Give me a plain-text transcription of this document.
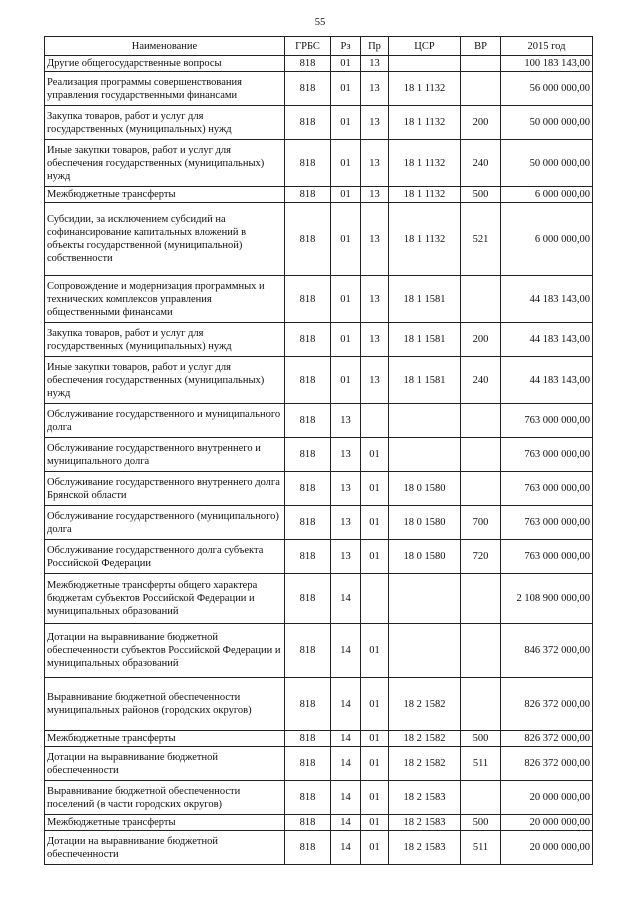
55
Наименование	ГРБС	Рз	Пр	ЦСР	ВР	2015 год
Другие общегосударственные вопросы	818	01	13			100 183 143,00
Реализация программы совершенствования управления государственными финансами	818	01	13	18 1 1132		56 000 000,00
Закупка товаров, работ и услуг для государственных (муниципальных) нужд	818	01	13	18 1 1132	200	50 000 000,00
Иные закупки товаров, работ и услуг для обеспечения государственных (муниципальных) нужд	818	01	13	18 1 1132	240	50 000 000,00
Межбюджетные трансферты	818	01	13	18 1 1132	500	6 000 000,00
Субсидии, за исключением субсидий на софинансирование капитальных вложений в объекты государственной (муниципальной) собственности	818	01	13	18 1 1132	521	6 000 000,00
Сопровождение и модернизация программных и технических комплексов управления общественными финансами	818	01	13	18 1 1581		44 183 143,00
Закупка товаров, работ и услуг для государственных (муниципальных) нужд	818	01	13	18 1 1581	200	44 183 143,00
Иные закупки товаров, работ и услуг для обеспечения государственных (муниципальных) нужд	818	01	13	18 1 1581	240	44 183 143,00
Обслуживание государственного и муниципального долга	818	13				763 000 000,00
Обслуживание государственного внутреннего и муниципального долга	818	13	01			763 000 000,00
Обслуживание государственного внутреннего долга Брянской области	818	13	01	18 0 1580		763 000 000,00
Обслуживание государственного (муниципального) долга	818	13	01	18 0 1580	700	763 000 000,00
Обслуживание государственного долга субъекта Российской Федерации	818	13	01	18 0 1580	720	763 000 000,00
Межбюджетные трансферты общего характера бюджетам субъектов Российской Федерации и муниципальных образований	818	14				2 108 900 000,00
Дотации на выравнивание бюджетной обеспеченности субъектов Российской Федерации и муниципальных образований	818	14	01			846 372 000,00
Выравнивание бюджетной обеспеченности муниципальных районов (городских округов)	818	14	01	18 2 1582		826 372 000,00
Межбюджетные трансферты	818	14	01	18 2 1582	500	826 372 000,00
Дотации на выравнивание бюджетной обеспеченности	818	14	01	18 2 1582	511	826 372 000,00
Выравнивание бюджетной обеспеченности поселений (в части городских округов)	818	14	01	18 2 1583		20 000 000,00
Межбюджетные трансферты	818	14	01	18 2 1583	500	20 000 000,00
Дотации на выравнивание бюджетной обеспеченности	818	14	01	18 2 1583	511	20 000 000,00
